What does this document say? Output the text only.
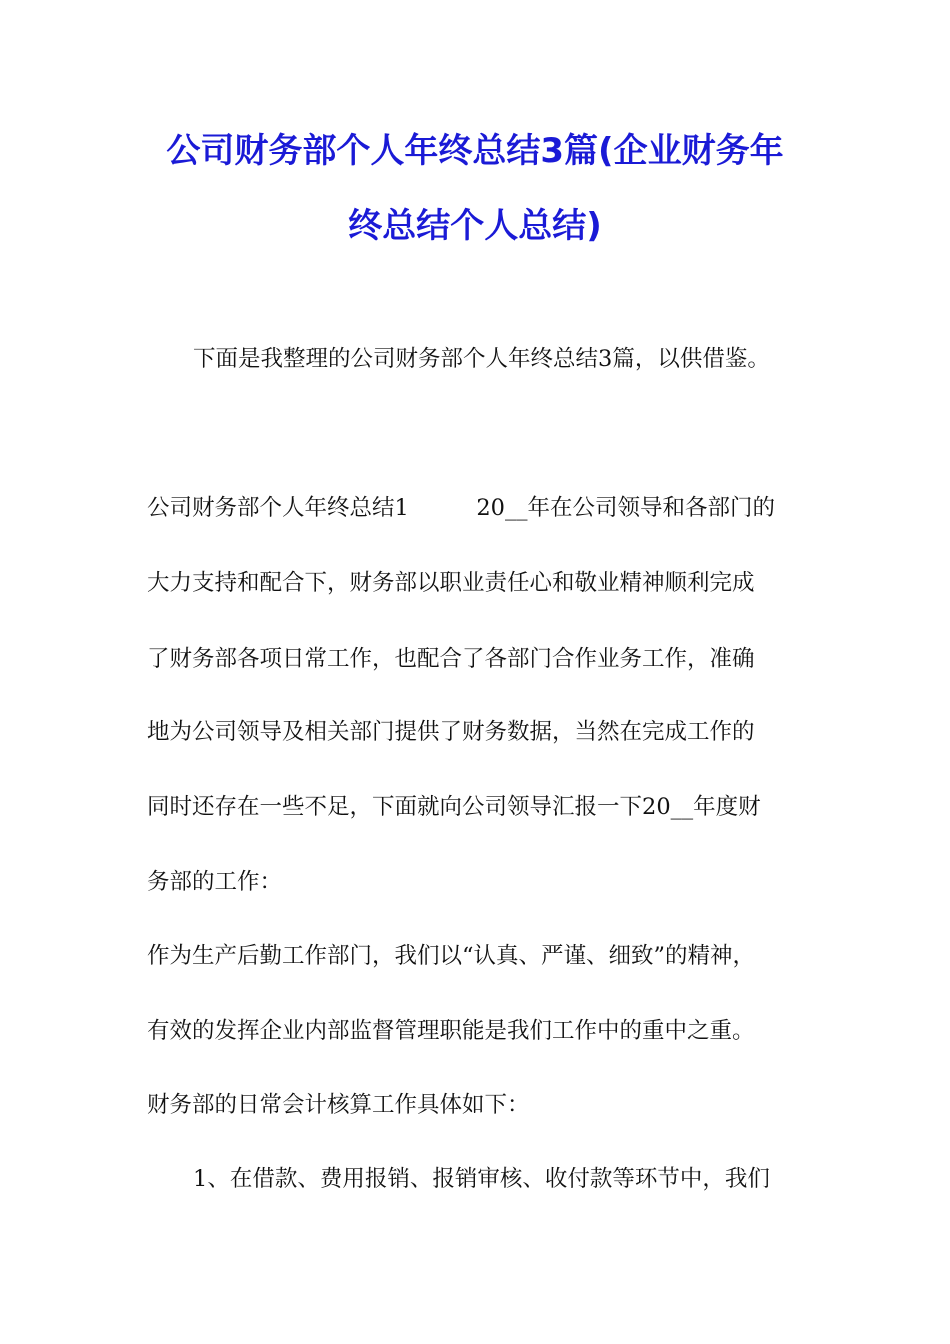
公司财务部个人年终总结3篇(企业财务年
终总结个人总结)
下面是我整理的公司财务部个人年终总结3篇，以供借鉴。
公司财务部个人年终总结1　　　20__年在公司领导和各部门的
大力支持和配合下，财务部以职业责任心和敬业精神顺利完成
了财务部各项日常工作，也配合了各部门合作业务工作，准确
地为公司领导及相关部门提供了财务数据，当然在完成工作的
同时还存在一些不足，下面就向公司领导汇报一下20__年度财
务部的工作：
作为生产后勤工作部门，我们以“认真、严谨、细致”的精神，
有效的发挥企业内部监督管理职能是我们工作中的重中之重。
财务部的日常会计核算工作具体如下：
1、在借款、费用报销、报销审核、收付款等环节中，我们
